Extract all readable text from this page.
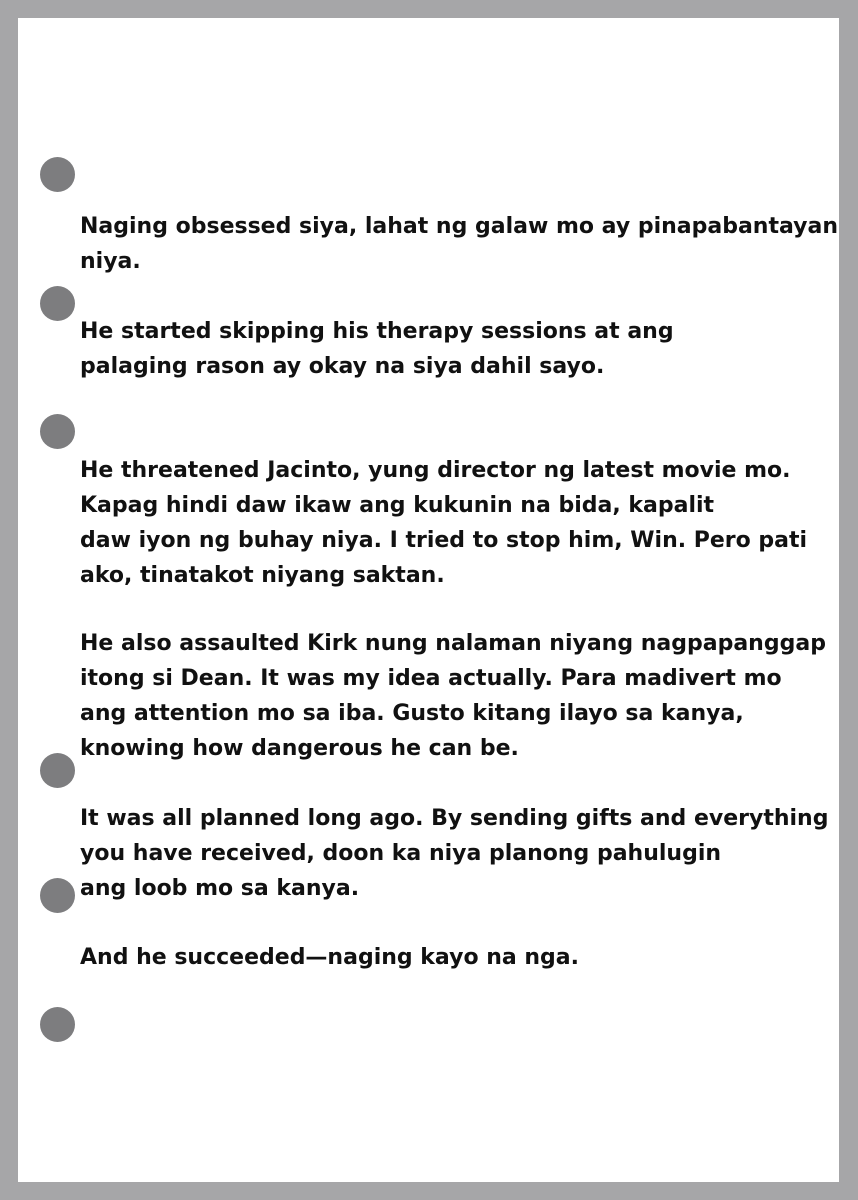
Naging obsessed siya, lahat ng galaw mo ay pinapabantayan
niya.

He started skipping his therapy sessions at ang
palaging rason ay okay na siya dahil sayo.

He threatened Jacinto, yung director ng latest movie mo.
Kapag hindi daw ikaw ang kukunin na bida, kapalit
daw iyon ng buhay niya. I tried to stop him, Win. Pero pati
ako, tinatakot niyang saktan.

He also assaulted Kirk nung nalaman niyang nagpapanggap
itong si Dean. It was my idea actually. Para madivert mo
ang attention mo sa iba. Gusto kitang ilayo sa kanya,
knowing how dangerous he can be.

It was all planned long ago. By sending gifts and everything
you have received, doon ka niya planong pahulugin
ang loob mo sa kanya.

And he succeeded—naging kayo na nga.
